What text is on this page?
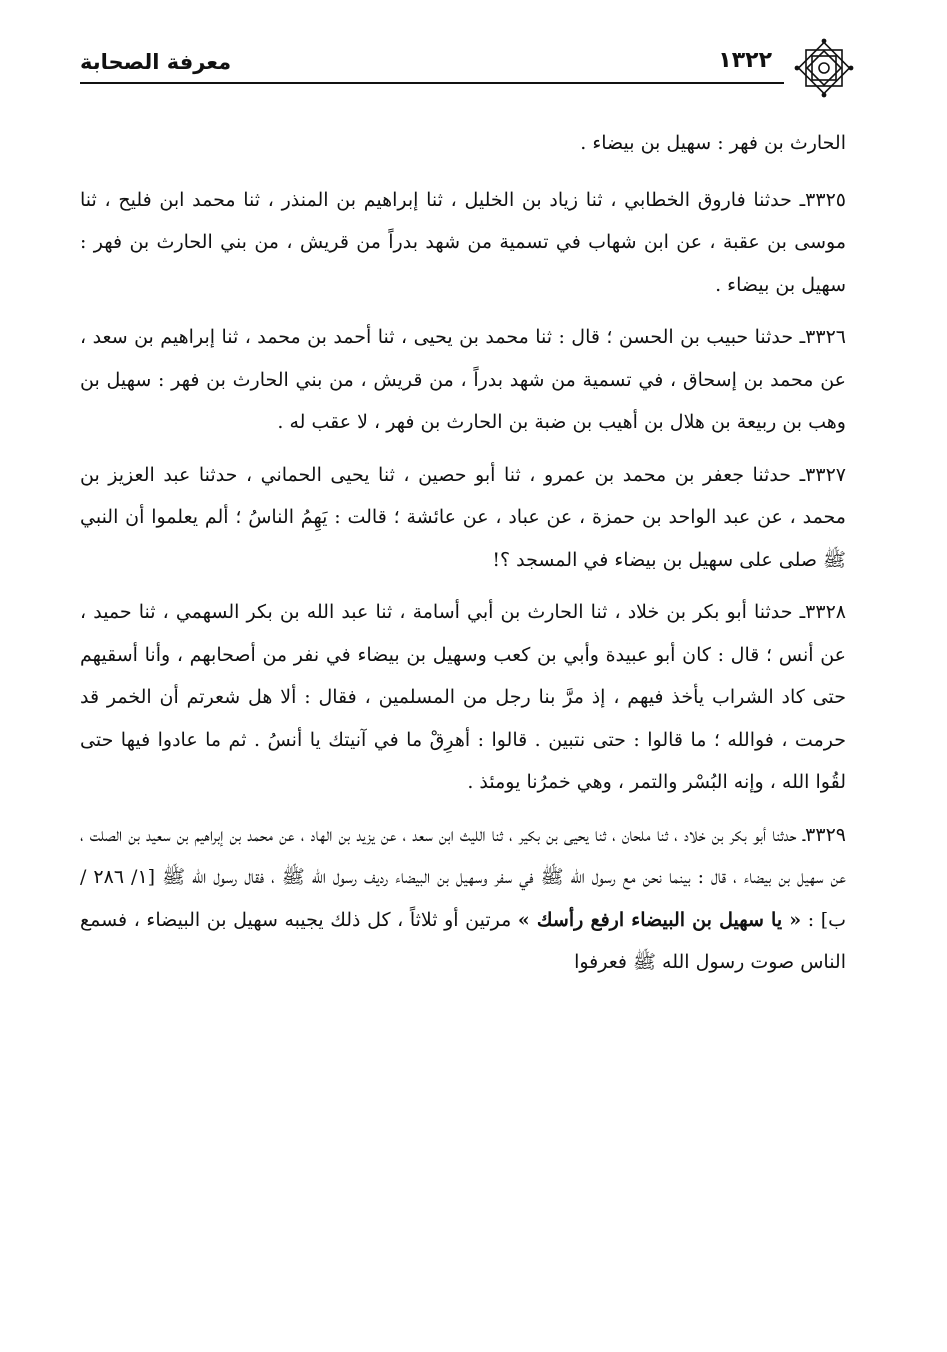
معرفة الصحابة	١٣٢٢

الحارث بن فهر : سهيل بن بيضاء .

٣٣٢٥ـ حدثنا فاروق الخطابي ، ثنا زياد بن الخليل ، ثنا إبراهيم بن المنذر ، ثنا محمد ابن فليح ، ثنا موسى بن عقبة ، عن ابن شهاب في تسمية من شهد بدراً من قريش ، من بني الحارث بن فهر : سهيل بن بيضاء .

٣٣٢٦ـ حدثنا حبيب بن الحسن ؛ قال : ثنا محمد بن يحيى ، ثنا أحمد بن محمد ، ثنا إبراهيم بن سعد ، عن محمد بن إسحاق ، في تسمية من شهد بدراً ، من قريش ، من بني الحارث بن فهر : سهيل بن وهب بن ربيعة بن هلال بن أهيب بن ضبة بن الحارث بن فهر ، لا عقب له .

٣٣٢٧ـ حدثنا جعفر بن محمد بن عمرو ، ثنا أبو حصين ، ثنا يحيى الحماني ، حدثنا عبد العزيز بن محمد ، عن عبد الواحد بن حمزة ، عن عباد ، عن عائشة ؛ قالت : يَهِمُ الناسُ ؛ ألم يعلموا أن النبي ﷺ صلى على سهيل بن بيضاء في المسجد ؟!

٣٣٢٨ـ حدثنا أبو بكر بن خلاد ، ثنا الحارث بن أبي أسامة ، ثنا عبد الله بن بكر السهمي ، ثنا حميد ، عن أنس ؛ قال : كان أبو عبيدة وأبي بن كعب وسهيل بن بيضاء في نفر من أصحابهم ، وأنا أسقيهم حتى كاد الشراب يأخذ فيهم ، إذ مرَّ بنا رجل من المسلمين ، فقال : ألا هل شعرتم أن الخمر قد حرمت ، فوالله ؛ ما قالوا : حتى نتبين . قالوا : أهرِقْ ما في آنيتك يا أنسُ . ثم ما عادوا فيها حتى لقُوا الله ، وإنه البُسْر والتمر ، وهي خمرُنا يومئذ .

٣٣٢٩ـ حدثنا أبو بكر بن خلاد ، ثنا ملحان ، ثنا يحيى بن بكير ، ثنا الليث ابن سعد ، عن يزيد بن الهاد ، عن محمد بن إبراهيم بن سعيد بن الصلت ، عن سهيل بن بيضاء ، قال : بينما نحن مع رسول الله ﷺ في سفر وسهيل بن البيضاء رديف رسول الله ﷺ ، فقال رسول الله ﷺ [١/ ٢٨٦ / ب] : « يا سهيل بن البيضاء ارفع رأسك » مرتين أو ثلاثاً ، كل ذلك يجيبه سهيل بن البيضاء ، فسمع الناس صوت رسول الله ﷺ فعرفوا
